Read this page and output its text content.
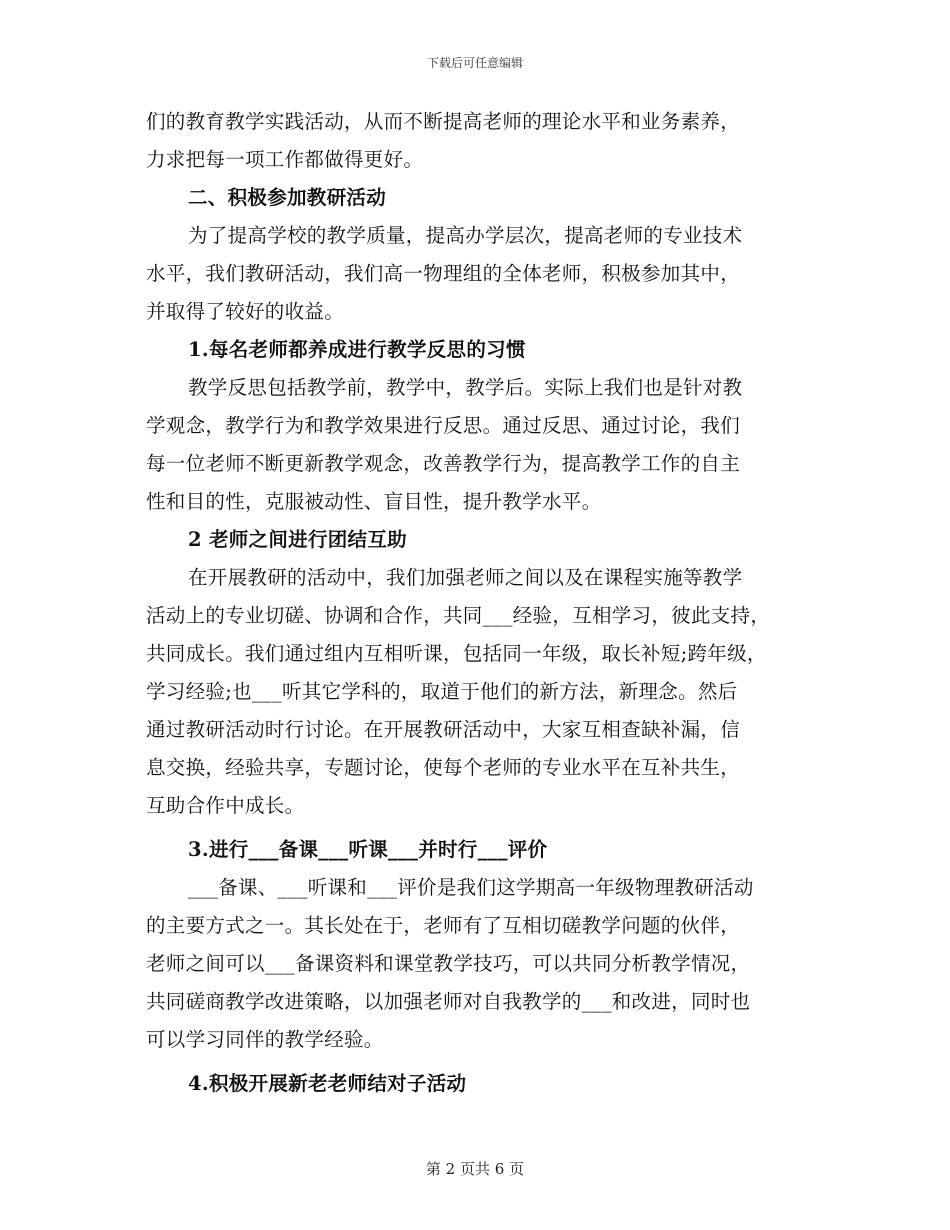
下载后可任意编辑

们的教育教学实践活动，从而不断提高老师的理论水平和业务素养，

力求把每一项工作都做得更好。

二、积极参加教研活动

为了提高学校的教学质量，提高办学层次，提高老师的专业技术

水平，我们教研活动，我们高一物理组的全体老师，积极参加其中，

并取得了较好的收益。

1.每名老师都养成进行教学反思的习惯

教学反思包括教学前，教学中，教学后。实际上我们也是针对教

学观念，教学行为和教学效果进行反思。通过反思、通过讨论，我们

每一位老师不断更新教学观念，改善教学行为，提高教学工作的自主

性和目的性，克服被动性、盲目性，提升教学水平。

2 老师之间进行团结互助

在开展教研的活动中，我们加强老师之间以及在课程实施等教学

活动上的专业切磋、协调和合作，共同___经验，互相学习，彼此支持，

共同成长。我们通过组内互相听课，包括同一年级，取长补短;跨年级，

学习经验;也___听其它学科的，取道于他们的新方法，新理念。然后

通过教研活动时行讨论。在开展教研活动中，大家互相查缺补漏，信

息交换，经验共享，专题讨论，使每个老师的专业水平在互补共生，

互助合作中成长。

3.进行___备课___听课___并时行___评价

___备课、___听课和___评价是我们这学期高一年级物理教研活动

的主要方式之一。其长处在于，老师有了互相切磋教学问题的伙伴，

老师之间可以___备课资料和课堂教学技巧，可以共同分析教学情况，

共同磋商教学改进策略，以加强老师对自我教学的___和改进，同时也

可以学习同伴的教学经验。

4.积极开展新老老师结对子活动

第 2 页共 6 页
